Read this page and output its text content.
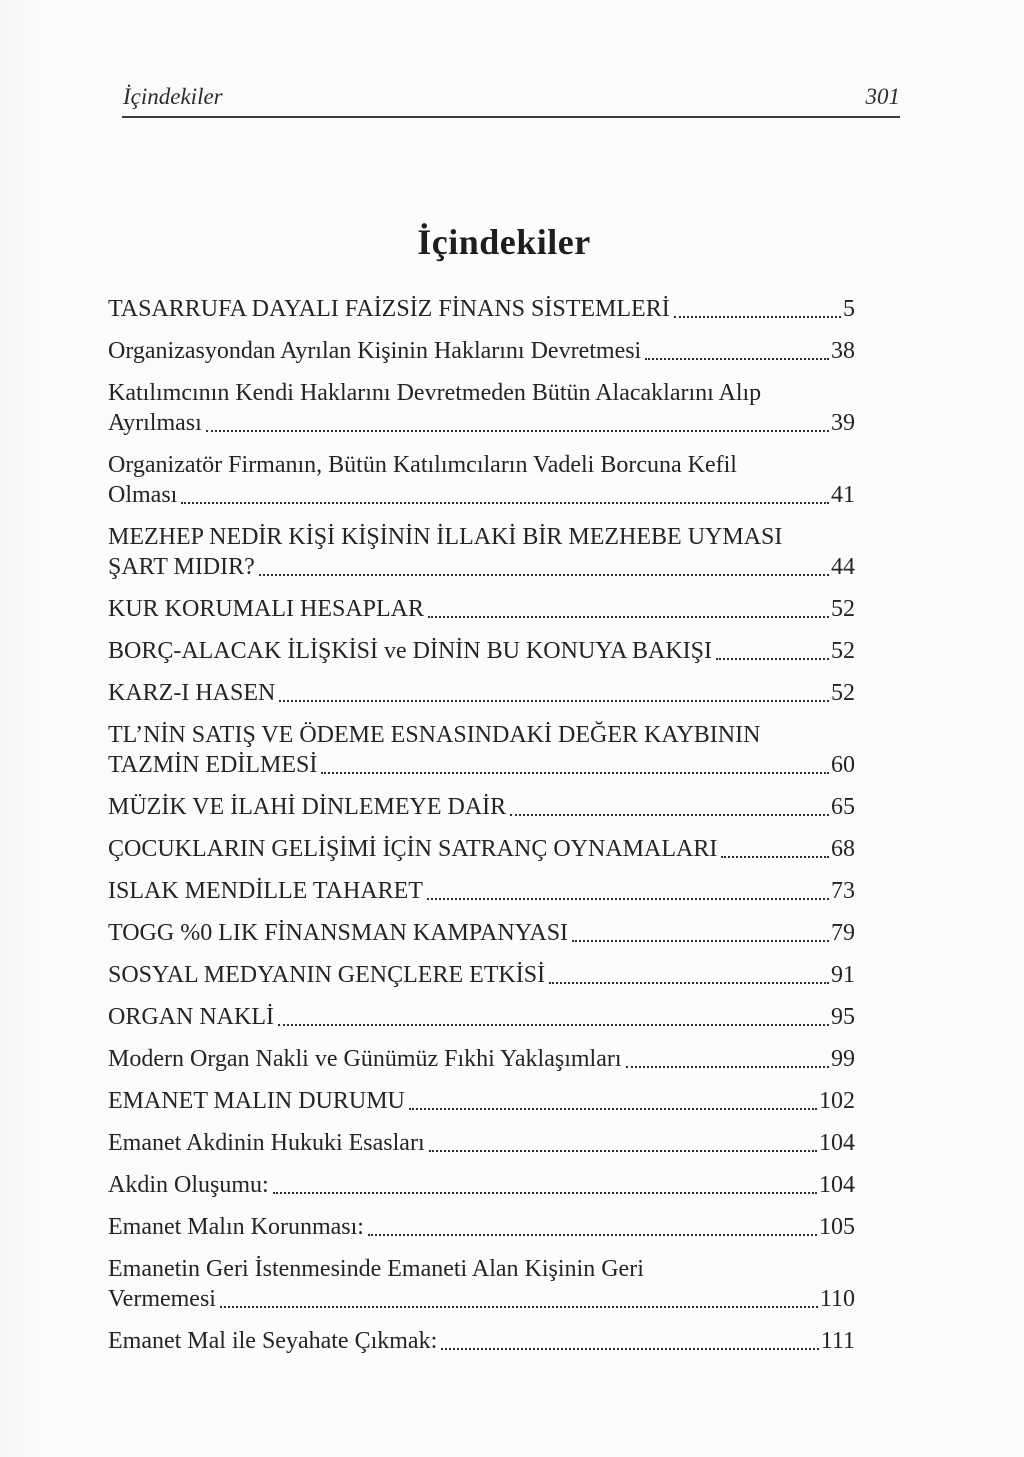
İçindekiler	301
İçindekiler
TASARRUFA DAYALI FAİZSİZ FİNANS SİSTEMLERİ	5
Organizasyondan Ayrılan Kişinin Haklarını Devretmesi	38
Katılımcının Kendi Haklarını Devretmeden Bütün Alacaklarını Alıp
Ayrılması	39
Organizatör Firmanın, Bütün Katılımcıların Vadeli Borcuna Kefil
Olması	41
MEZHEP NEDİR KİŞİ KİŞİNİN İLLAKİ BİR MEZHEBE UYMASI
ŞART MIDIR?	44
KUR KORUMALI HESAPLAR	52
BORÇ-ALACAK İLİŞKİSİ ve DİNİN BU KONUYA BAKIŞI	52
KARZ-I HASEN	52
TL’NİN SATIŞ VE ÖDEME ESNASINDAKİ DEĞER KAYBININ
TAZMİN EDİLMESİ	60
MÜZİK VE İLAHİ DİNLEMEYE DAİR	65
ÇOCUKLARIN GELİŞİMİ İÇİN SATRANÇ OYNAMALARI	68
ISLAK MENDİLLE TAHARET	73
TOGG %0 LIK FİNANSMAN KAMPANYASI	79
SOSYAL MEDYANIN GENÇLERE ETKİSİ	91
ORGAN NAKLİ	95
Modern Organ Nakli ve Günümüz Fıkhi Yaklaşımları	99
EMANET MALIN DURUMU	102
Emanet Akdinin Hukuki Esasları	104
Akdin Oluşumu:	104
Emanet Malın Korunması:	105
Emanetin Geri İstenmesinde Emaneti Alan Kişinin Geri
Vermemesi	110
Emanet Mal ile Seyahate Çıkmak:	111
